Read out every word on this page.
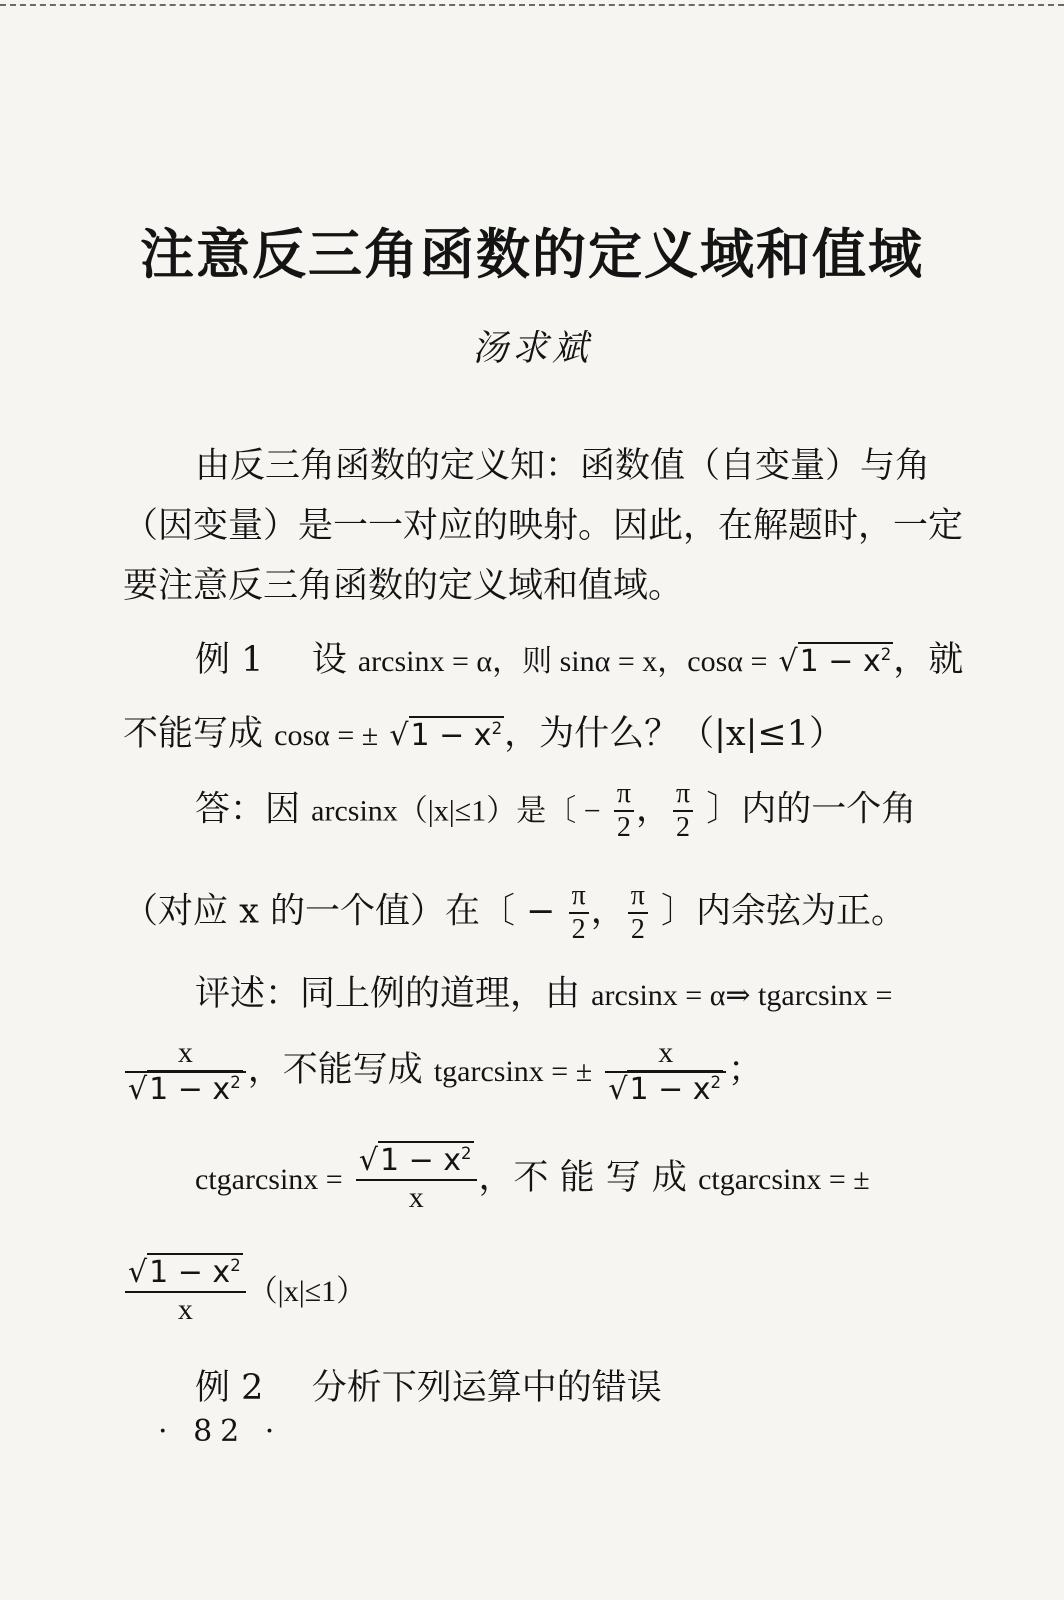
注意反三角函数的定义域和值域
汤求斌
由反三角函数的定义知：函数值（自变量）与角
（因变量）是一一对应的映射。因此，在解题时，一定
要注意反三角函数的定义域和值域。
例 1 设 arcsinx = α，则 sinα = x，$\cos\alpha = √1 - x^2$，就
不能写成 cosα = ± $√1 - x^2$，为什么？（|x|≤1）
答：因 arcsinx（|x|≤1）是〔 − $\frac{\pi}{2}$ ， $\frac{\pi}{2}$ 〕内的一个角
（对应 x 的一个值）在〔 − $\frac{\pi}{2}$ ， $\frac{\pi}{2}$ 〕内余弦为正。
评述：同上例的道理，由 arcsinx = α⇒ tgarcsinx =
$\frac{x}{√1 - x^2}$，不能写成 tgarcsinx = ± $\frac{x}{√1 - x^2}$；
$ctgarcsinx = \frac{√1 - x^2}{x}$ ，不 能 写 成 ctgarcsinx = ±
$\frac{√1 - x^2}{x} (|x|\le 1)$
例 2 分析下列运算中的错误
· 82 ·
